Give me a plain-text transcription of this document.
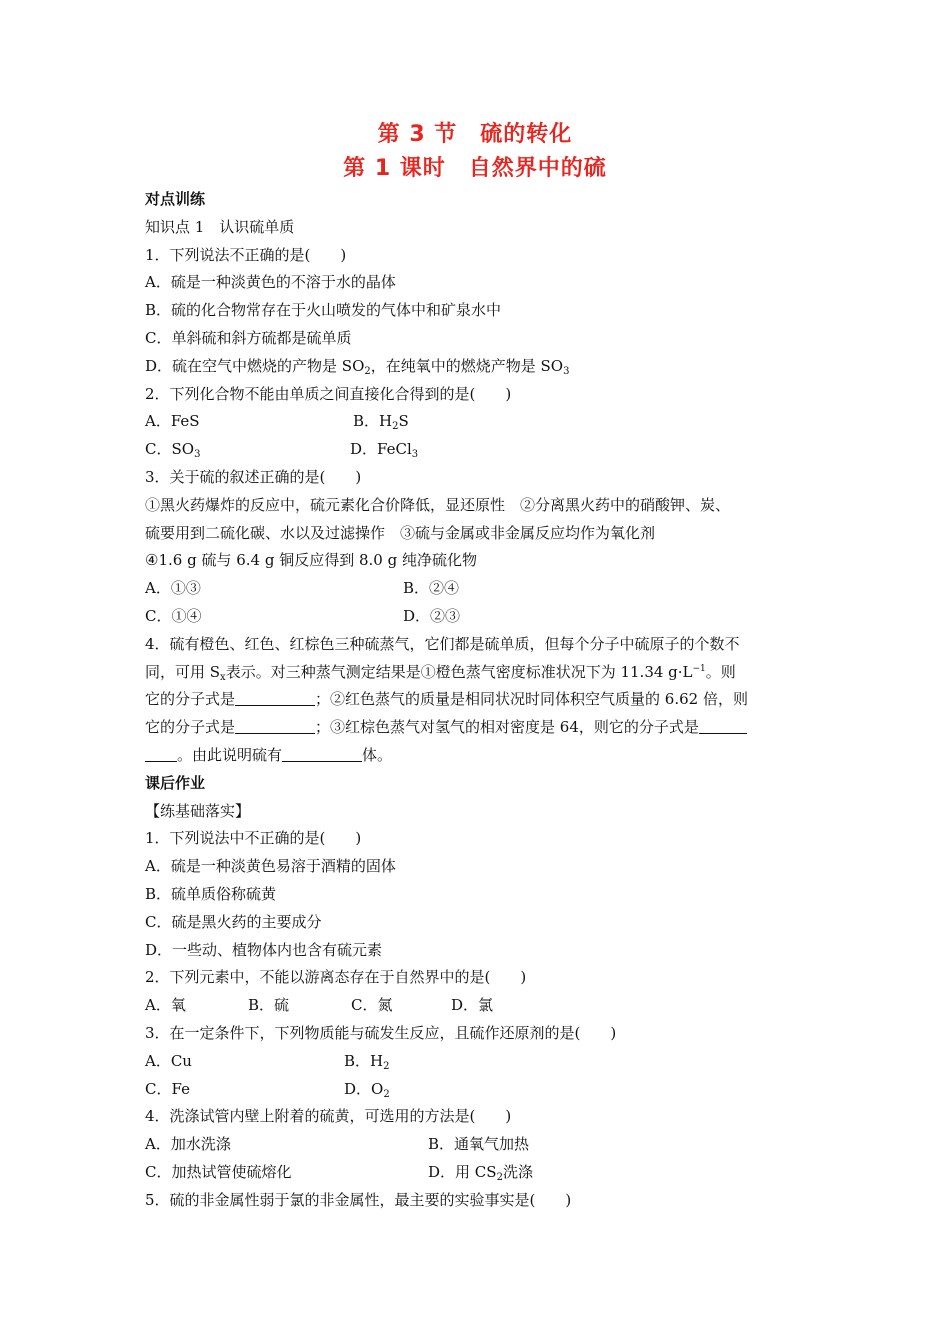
第 3 节　硫的转化
第 1 课时　自然界中的硫
对点训练
知识点 1　认识硫单质
1．下列说法不正确的是(　　)
A．硫是一种淡黄色的不溶于水的晶体
B．硫的化合物常存在于火山喷发的气体中和矿泉水中
C．单斜硫和斜方硫都是硫单质
D．硫在空气中燃烧的产物是 $SO_2$，在纯氧中的燃烧产物是 $SO_3$
2．下列化合物不能由单质之间直接化合得到的是(　　)
A．FeS	B．$H_2S$
C．$SO_3$	D．FeCl$_3$
3．关于硫的叙述正确的是(　　)
①黑火药爆炸的反应中，硫元素化合价降低，显还原性　②分离黑火药中的硝酸钾、炭、
硫要用到二硫化碳、水以及过滤操作　③硫与金属或非金属反应均作为氧化剂
④1.6 g 硫与 6.4 g 铜反应得到 8.0 g 纯净硫化物
A．①③	B．②④
C．①④	D．②③
4．硫有橙色、红色、红棕色三种硫蒸气，它们都是硫单质，但每个分子中硫原子的个数不
同，可用 $S_x$表示。对三种蒸气测定结果是①橙色蒸气密度标准状况下为 11.34 $g\cdot L^{-1}$。则
它的分子式是	；②红色蒸气的质量是相同状况时同体积空气质量的 6.62 倍，则
它的分子式是	；③红棕色蒸气对氢气的相对密度是 64，则它的分子式是
。由此说明硫有	体。
课后作业
【练基础落实】
1．下列说法中不正确的是(　　)
A．硫是一种淡黄色易溶于酒精的固体
B．硫单质俗称硫黄
C．硫是黑火药的主要成分
D．一些动、植物体内也含有硫元素
2．下列元素中，不能以游离态存在于自然界中的是(　　)
A．氧	B．硫	C．氮	D．氯
3．在一定条件下，下列物质能与硫发生反应，且硫作还原剂的是(　　)
A．Cu	B．$H_2$
C．Fe	D．$O_2$
4．洗涤试管内壁上附着的硫黄，可选用的方法是(　　)
A．加水洗涤	B．通氧气加热
C．加热试管使硫熔化	D．用 $CS_2$洗涤
5．硫的非金属性弱于氯的非金属性，最主要的实验事实是(　　)
